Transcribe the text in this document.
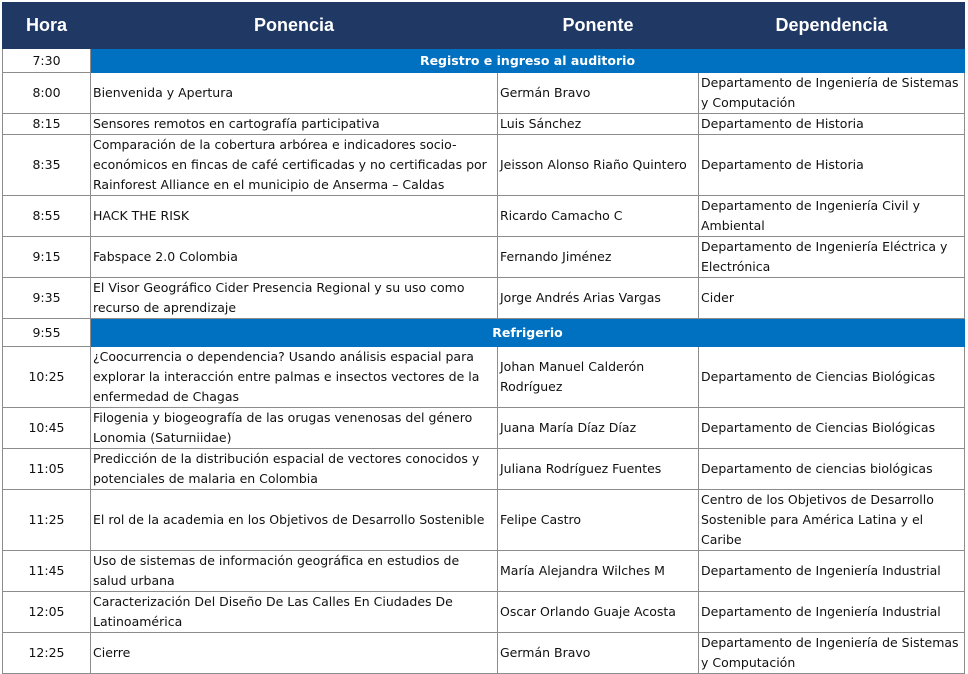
Hora	Ponencia	Ponente	Dependencia
7:30	Registro e ingreso al auditorio		
8:00	Bienvenida y Apertura	Germán Bravo	Departamento de Ingeniería de Sistemas y Computación
8:15	Sensores remotos en cartografía participativa	Luis Sánchez	Departamento de Historia
8:35	Comparación de la cobertura arbórea e indicadores socio-económicos en fincas de café certificadas y no certificadas por Rainforest Alliance en el municipio de Anserma – Caldas	Jeisson Alonso Riaño Quintero	Departamento de Historia
8:55	HACK THE RISK	Ricardo Camacho C	Departamento de Ingeniería Civil y Ambiental
9:15	Fabspace 2.0 Colombia	Fernando Jiménez	Departamento de Ingeniería Eléctrica y Electrónica
9:35	El Visor Geográfico Cider Presencia Regional y su uso como recurso de aprendizaje	Jorge Andrés Arias Vargas	Cider
9:55	Refrigerio		
10:25	¿Coocurrencia o dependencia? Usando análisis espacial para explorar la interacción entre palmas e insectos vectores de la enfermedad de Chagas	Johan Manuel Calderón Rodríguez	Departamento de Ciencias Biológicas
10:45	Filogenia y biogeografía de las orugas venenosas del género Lonomia (Saturniidae)	Juana María Díaz Díaz	Departamento de Ciencias Biológicas
11:05	Predicción de la distribución espacial de vectores conocidos y potenciales de malaria en Colombia	Juliana Rodríguez Fuentes	Departamento de ciencias biológicas
11:25	El rol de la academia en los Objetivos de Desarrollo Sostenible	Felipe Castro	Centro de los Objetivos de Desarrollo Sostenible para América Latina y el Caribe
11:45	Uso de sistemas de información geográfica en estudios de salud urbana	María Alejandra Wilches M	Departamento de Ingeniería Industrial
12:05	Caracterización Del Diseño De Las Calles En Ciudades De Latinoamérica	Oscar Orlando Guaje Acosta	Departamento de Ingeniería Industrial
12:25	Cierre	Germán Bravo	Departamento de Ingeniería de Sistemas y Computación
